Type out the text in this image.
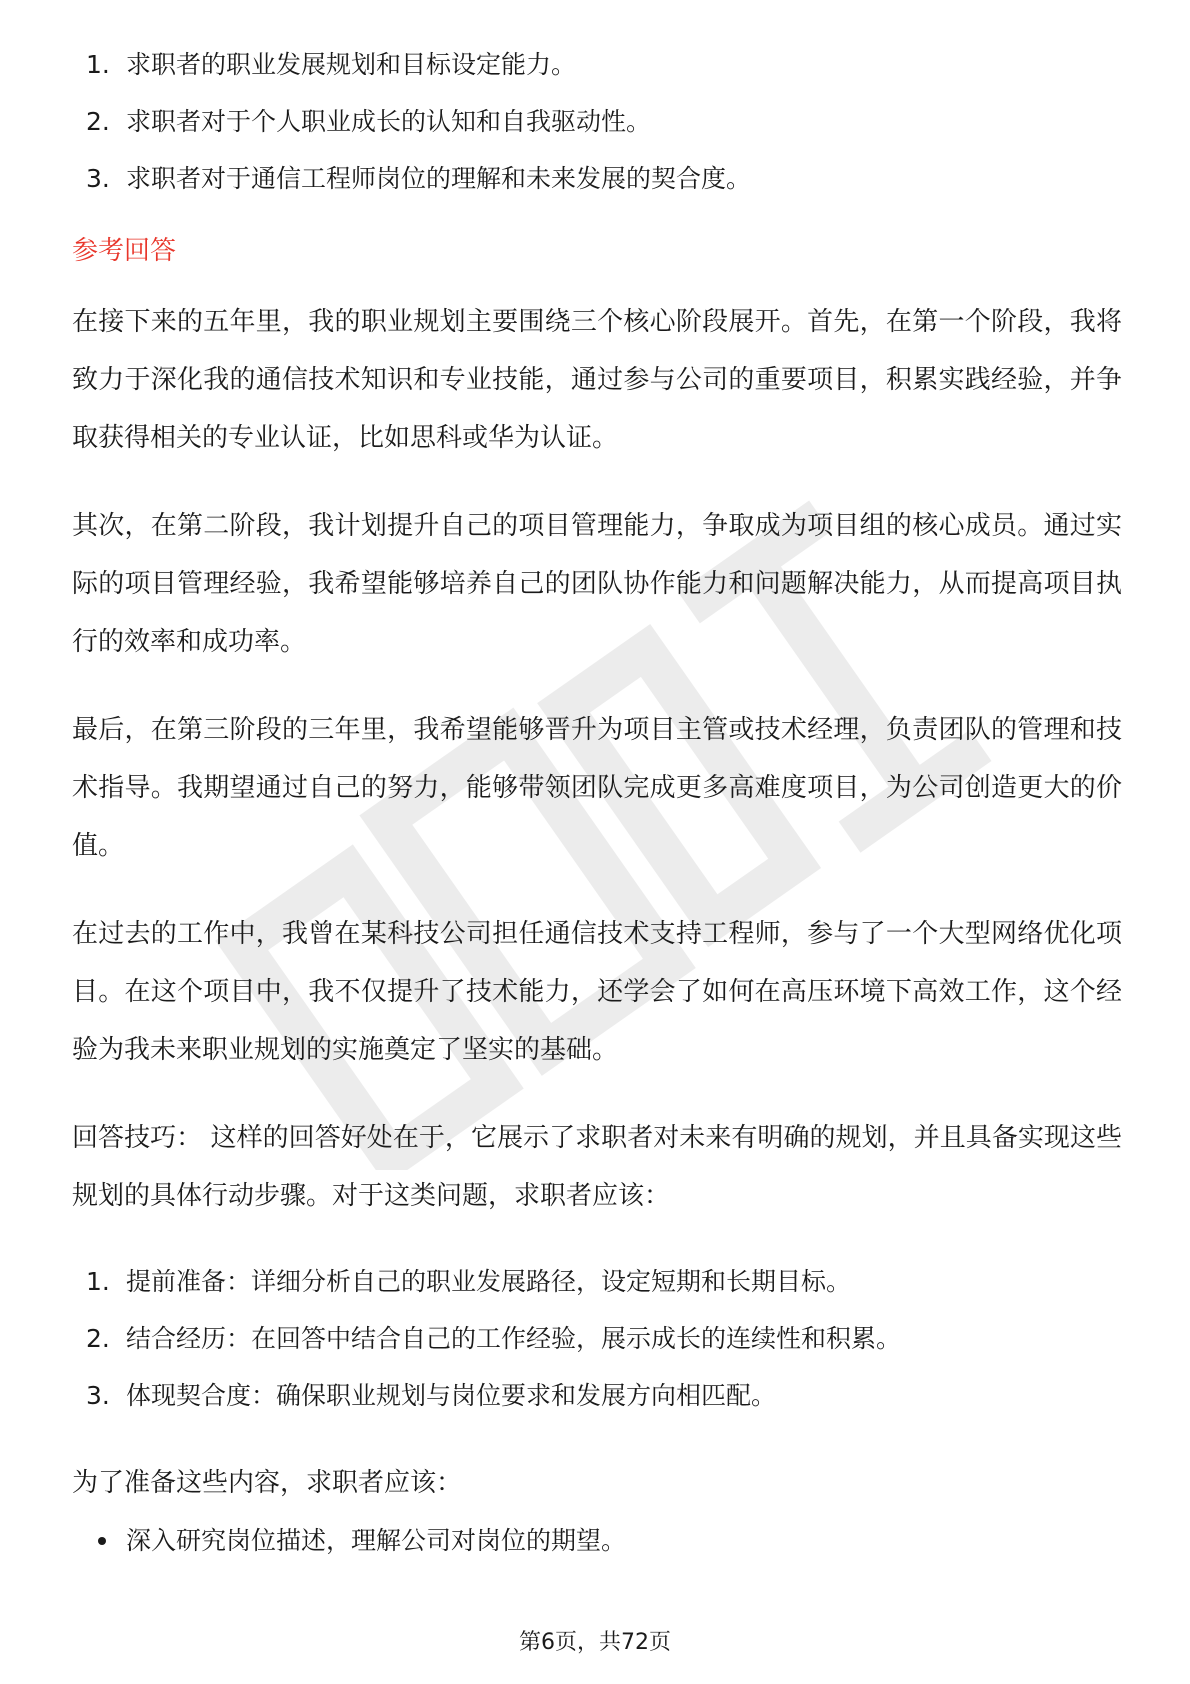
1. 求职者的职业发展规划和目标设定能力。
2. 求职者对于个人职业成长的认知和自我驱动性。
3. 求职者对于通信工程师岗位的理解和未来发展的契合度。
参考回答

在接下来的五年里，我的职业规划主要围绕三个核心阶段展开。首先，在第一个阶段，我将致力于深化我的通信技术知识和专业技能，通过参与公司的重要项目，积累实践经验，并争取获得相关的专业认证，比如思科或华为认证。

其次，在第二阶段，我计划提升自己的项目管理能力，争取成为项目组的核心成员。通过实际的项目管理经验，我希望能够培养自己的团队协作能力和问题解决能力，从而提高项目执行的效率和成功率。

最后，在第三阶段的三年里，我希望能够晋升为项目主管或技术经理，负责团队的管理和技术指导。我期望通过自己的努力，能够带领团队完成更多高难度项目，为公司创造更大的价值。

在过去的工作中，我曾在某科技公司担任通信技术支持工程师，参与了一个大型网络优化项目。在这个项目中，我不仅提升了技术能力，还学会了如何在高压环境下高效工作，这个经验为我未来职业规划的实施奠定了坚实的基础。

回答技巧： 这样的回答好处在于，它展示了求职者对未来有明确的规划，并且具备实现这些规划的具体行动步骤。对于这类问题，求职者应该：

1. 提前准备：详细分析自己的职业发展路径，设定短期和长期目标。
2. 结合经历：在回答中结合自己的工作经验，展示成长的连续性和积累。
3. 体现契合度：确保职业规划与岗位要求和发展方向相匹配。

为了准备这些内容，求职者应该：

深入研究岗位描述，理解公司对岗位的期望。
第6页，共72页
